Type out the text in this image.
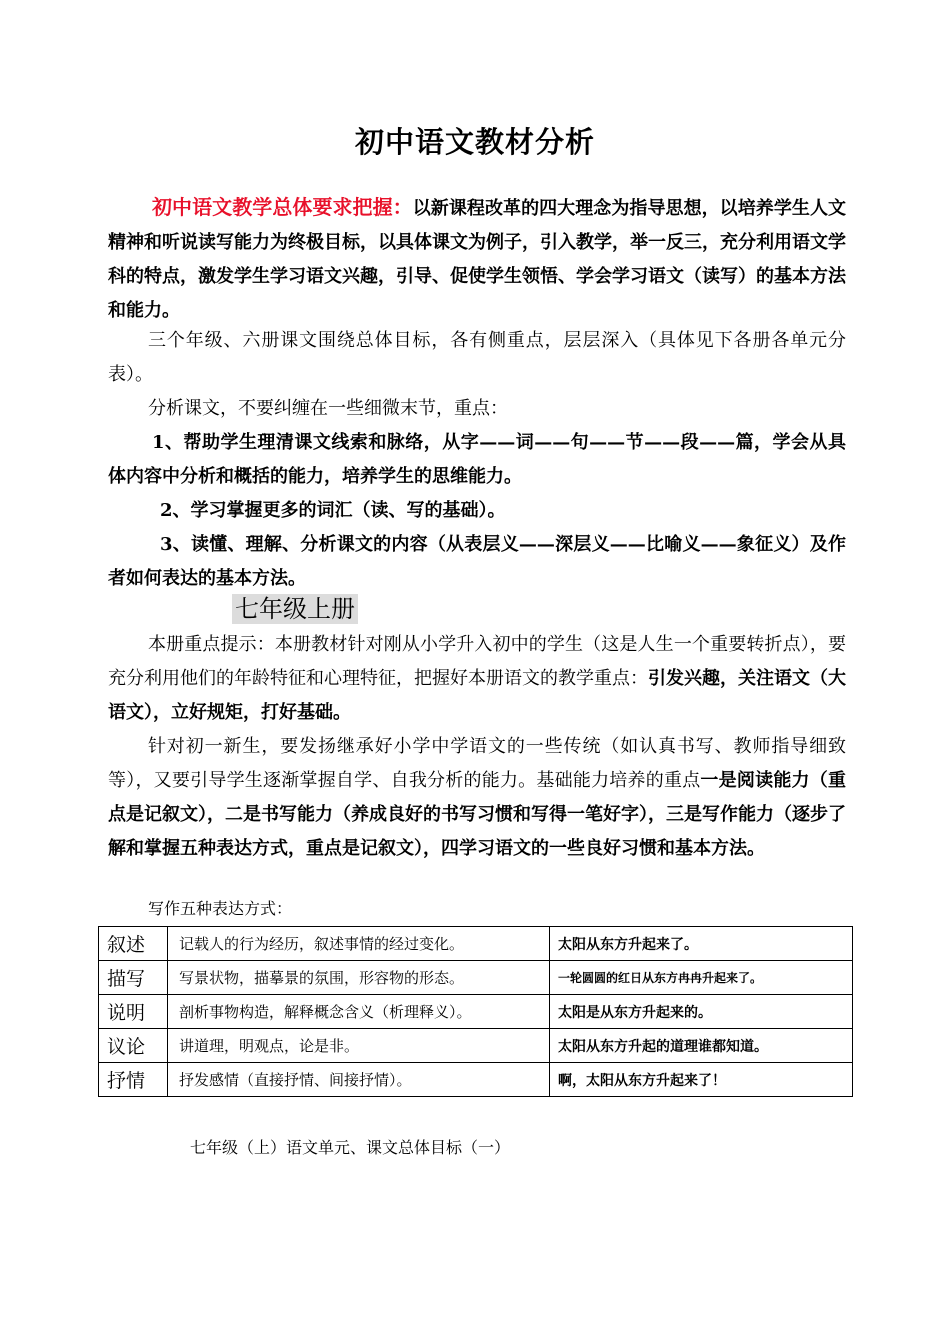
初中语文教材分析

初中语文教学总体要求把握：以新课程改革的四大理念为指导思想，以培养学生人文精神和听说读写能力为终极目标，以具体课文为例子，引入教学，举一反三，充分利用语文学科的特点，激发学生学习语文兴趣，引导、促使学生领悟、学会学习语文（读写）的基本方法和能力。

三个年级、六册课文围绕总体目标，各有侧重点，层层深入（具体见下各册各单元分表）。

分析课文，不要纠缠在一些细微末节，重点：

1、帮助学生理清课文线索和脉络，从字——词——句——节——段——篇，学会从具体内容中分析和概括的能力，培养学生的思维能力。

2、学习掌握更多的词汇（读、写的基础）。

3、读懂、理解、分析课文的内容（从表层义——深层义——比喻义——象征义）及作者如何表达的基本方法。

七年级上册

本册重点提示：本册教材针对刚从小学升入初中的学生（这是人生一个重要转折点），要充分利用他们的年龄特征和心理特征，把握好本册语文的教学重点：引发兴趣，关注语文（大语文），立好规矩，打好基础。

针对初一新生，要发扬继承好小学中学语文的一些传统（如认真书写、教师指导细致等），又要引导学生逐渐掌握自学、自我分析的能力。基础能力培养的重点一是阅读能力（重点是记叙文），二是书写能力（养成良好的书写习惯和写得一笔好字），三是写作能力（逐步了解和掌握五种表达方式，重点是记叙文），四学习语文的一些良好习惯和基本方法。

写作五种表达方式：

叙述	记载人的行为经历，叙述事情的经过变化。	太阳从东方升起来了。
描写	写景状物，描摹景的氛围，形容物的形态。	一轮圆圆的红日从东方冉冉升起来了。
说明	剖析事物构造，解释概念含义（析理释义）。	太阳是从东方升起来的。
议论	讲道理，明观点，论是非。	太阳从东方升起的道理谁都知道。
抒情	抒发感情（直接抒情、间接抒情）。	啊，太阳从东方升起来了！
七年级（上）语文单元、课文总体目标（一）
